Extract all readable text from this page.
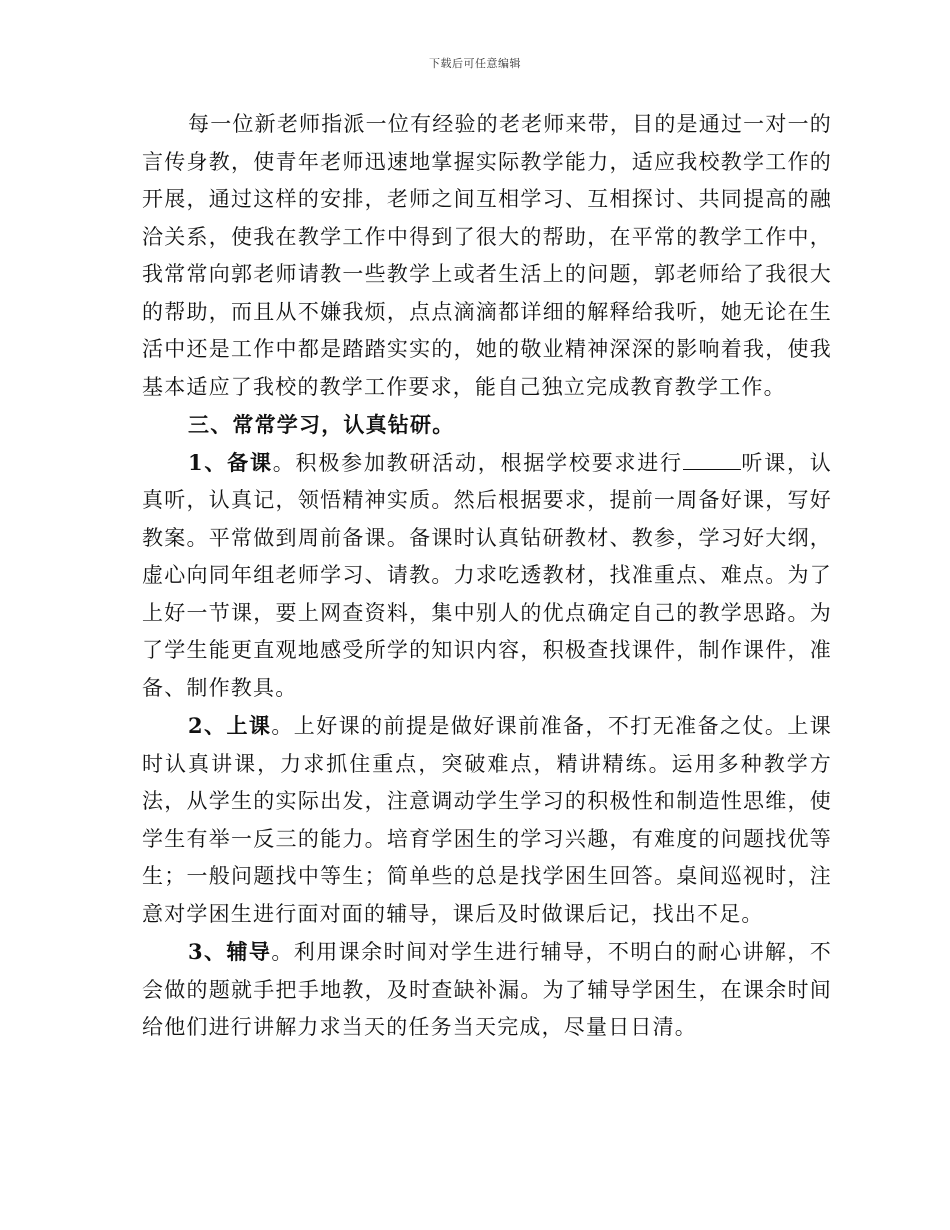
下载后可任意编辑

每一位新老师指派一位有经验的老老师来带，目的是通过一对一的言传身教，使青年老师迅速地掌握实际教学能力，适应我校教学工作的开展，通过这样的安排，老师之间互相学习、互相探讨、共同提高的融洽关系，使我在教学工作中得到了很大的帮助，在平常的教学工作中，我常常向郭老师请教一些教学上或者生活上的问题，郭老师给了我很大的帮助，而且从不嫌我烦，点点滴滴都详细的解释给我听，她无论在生活中还是工作中都是踏踏实实的，她的敬业精神深深的影响着我，使我基本适应了我校的教学工作要求，能自己独立完成教育教学工作。

三、常常学习，认真钻研。

1、备课。积极参加教研活动，根据学校要求进行	听课，认真听，认真记，领悟精神实质。然后根据要求，提前一周备好课，写好教案。平常做到周前备课。备课时认真钻研教材、教参，学习好大纲，虚心向同年组老师学习、请教。力求吃透教材，找准重点、难点。为了上好一节课，要上网查资料，集中别人的优点确定自己的教学思路。为了学生能更直观地感受所学的知识内容，积极查找课件，制作课件，准备、制作教具。

2、上课。上好课的前提是做好课前准备，不打无准备之仗。上课时认真讲课，力求抓住重点，突破难点，精讲精练。运用多种教学方法，从学生的实际出发，注意调动学生学习的积极性和制造性思维，使学生有举一反三的能力。培育学困生的学习兴趣，有难度的问题找优等生；一般问题找中等生；简单些的总是找学困生回答。桌间巡视时，注意对学困生进行面对面的辅导，课后及时做课后记，找出不足。

3、辅导。利用课余时间对学生进行辅导，不明白的耐心讲解，不会做的题就手把手地教，及时查缺补漏。为了辅导学困生，在课余时间给他们进行讲解力求当天的任务当天完成，尽量日日清。
